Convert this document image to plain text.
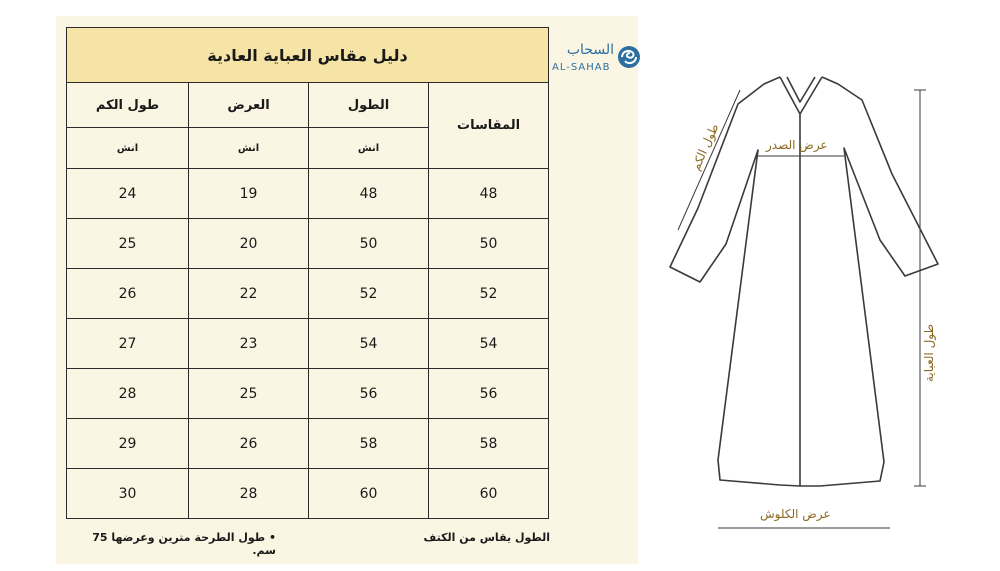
دليل مقاس العباية العادية			
المقاسات	الطول	العرض	طول الكم
	انش	انش	انش
48	48	19	24
50	50	20	25
52	52	22	26
54	54	23	27
56	56	25	28
58	58	26	29
60	60	28	30
الطول يقاس من الكتف
• طول الطرحة مترين وعرضها 75 سم.
السحاب
AL-SAHAB
طول الكم	عرض الصدر
طول العباية
عرض الكلوش
